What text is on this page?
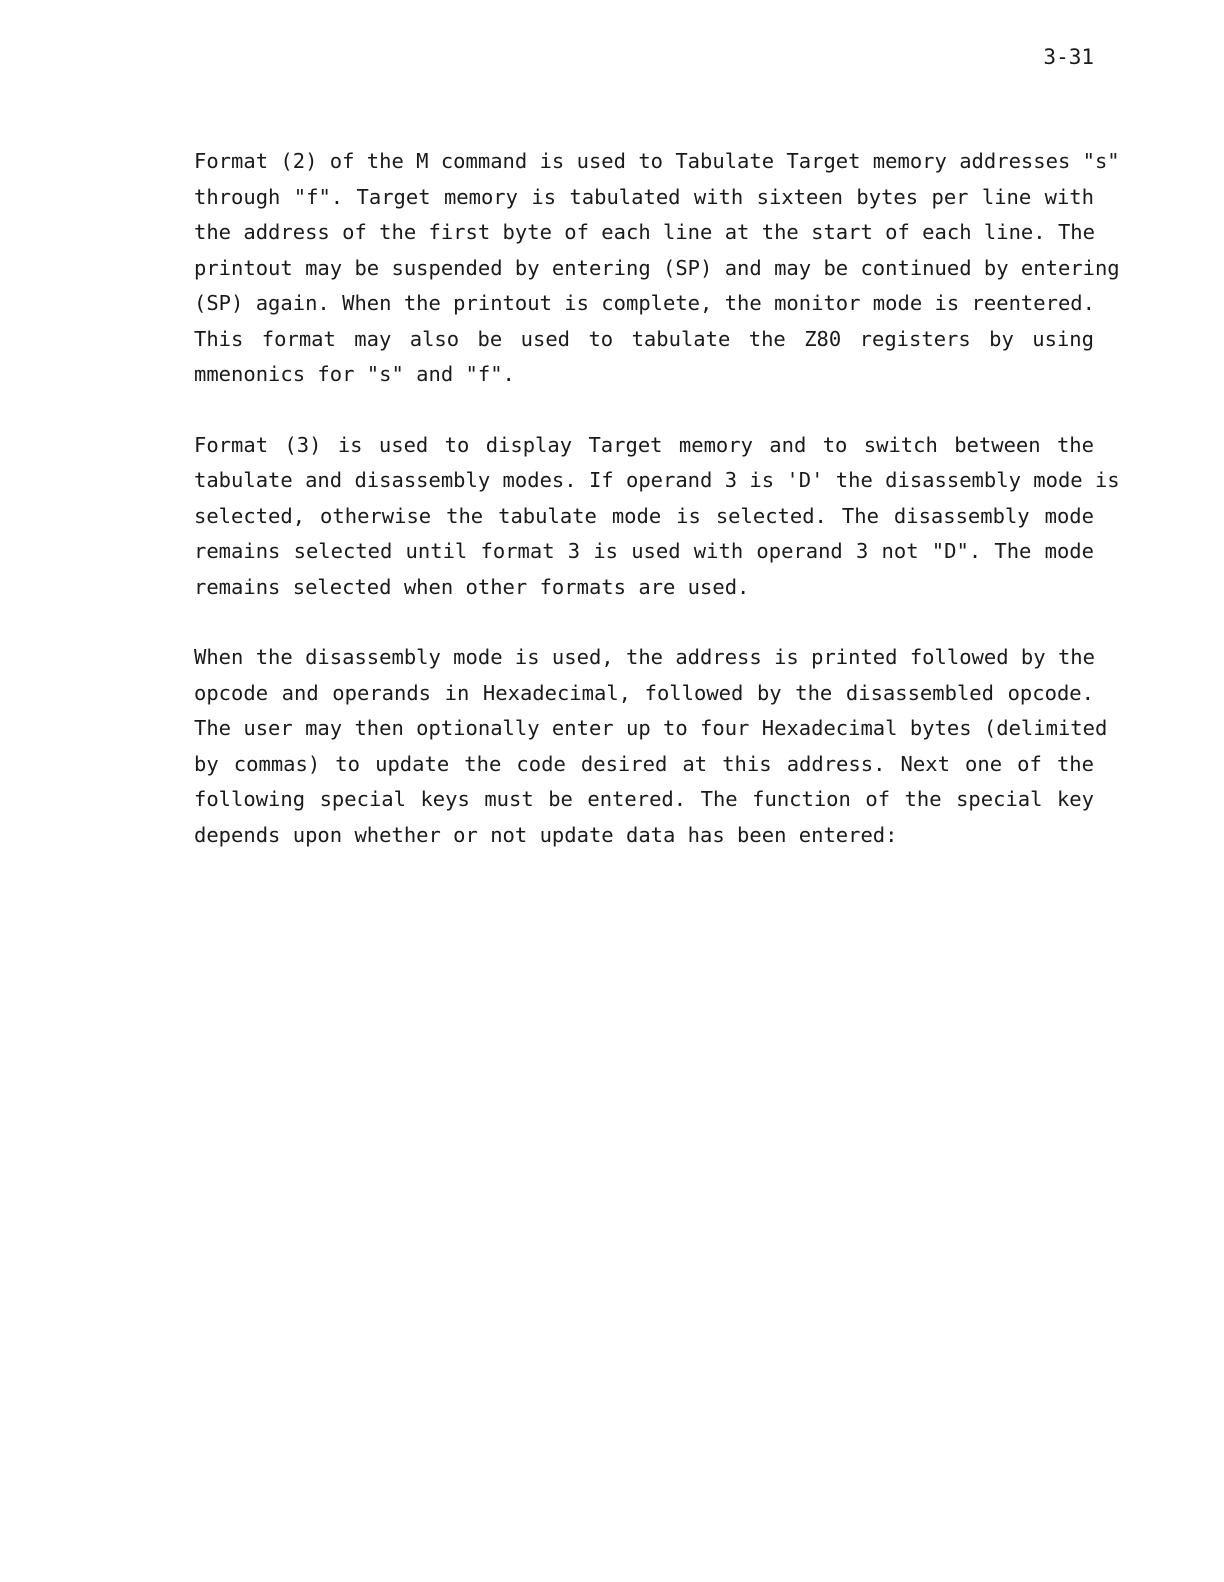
3-31
Format (2) of the M command is used to Tabulate Target memory addresses "s"
through "f". Target memory is tabulated with sixteen bytes per line with
the address of the first byte of each line at the start of each line. The
printout may be suspended by entering (SP) and may be continued by entering
(SP) again. When the printout is complete, the monitor mode is reentered.
This format may also be used to tabulate the Z80 registers by using
mmenonics for "s" and "f".
Format (3) is used to display Target memory and to switch between the
tabulate and disassembly modes. If operand 3 is 'D' the disassembly mode is
selected, otherwise the tabulate mode is selected. The disassembly mode
remains selected until format 3 is used with operand 3 not "D". The mode
remains selected when other formats are used.
When the disassembly mode is used, the address is printed followed by the
opcode and operands in Hexadecimal, followed by the disassembled opcode.
The user may then optionally enter up to four Hexadecimal bytes (delimited
by commas) to update the code desired at this address. Next one of the
following special keys must be entered. The function of the special key
depends upon whether or not update data has been entered:
